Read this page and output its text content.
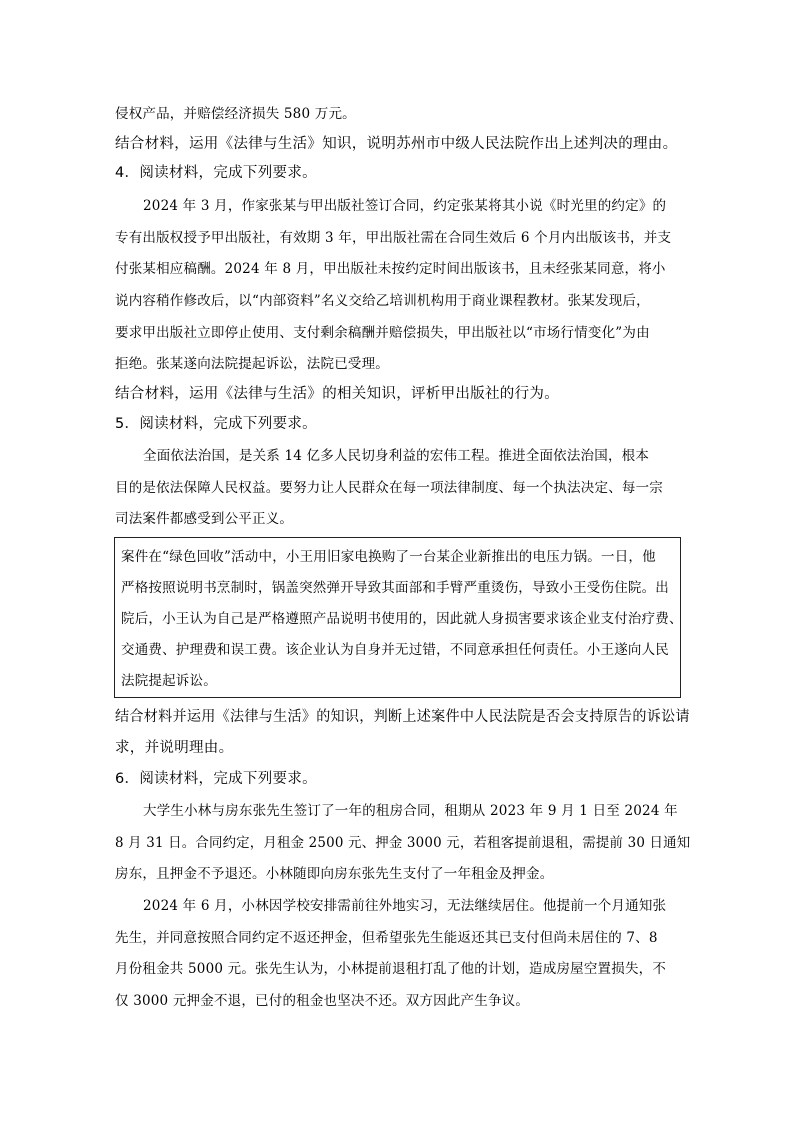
侵权产品，并赔偿经济损失 580 万元。
结合材料，运用《法律与生活》知识，说明苏州市中级人民法院作出上述判决的理由。
4．阅读材料，完成下列要求。
2024 年 3 月，作家张某与甲出版社签订合同，约定张某将其小说《时光里的约定》的
专有出版权授予甲出版社，有效期 3 年，甲出版社需在合同生效后 6 个月内出版该书，并支
付张某相应稿酬。2024 年 8 月，甲出版社未按约定时间出版该书，且未经张某同意，将小
说内容稍作修改后，以“内部资料”名义交给乙培训机构用于商业课程教材。张某发现后，
要求甲出版社立即停止使用、支付剩余稿酬并赔偿损失，甲出版社以“市场行情变化”为由
拒绝。张某遂向法院提起诉讼，法院已受理。
结合材料，运用《法律与生活》的相关知识，评析甲出版社的行为。
5．阅读材料，完成下列要求。
全面依法治国，是关系 14 亿多人民切身利益的宏伟工程。推进全面依法治国，根本
目的是依法保障人民权益。要努力让人民群众在每一项法律制度、每一个执法决定、每一宗
司法案件都感受到公平正义。
案件在“绿色回收”活动中，小王用旧家电换购了一台某企业新推出的电压力锅。一日，他
严格按照说明书烹制时，锅盖突然弹开导致其面部和手臂严重烫伤，导致小王受伤住院。出
院后，小王认为自己是严格遵照产品说明书使用的，因此就人身损害要求该企业支付治疗费、
交通费、护理费和误工费。该企业认为自身并无过错，不同意承担任何责任。小王遂向人民
法院提起诉讼。
结合材料并运用《法律与生活》的知识，判断上述案件中人民法院是否会支持原告的诉讼请
求，并说明理由。
6．阅读材料，完成下列要求。
大学生小林与房东张先生签订了一年的租房合同，租期从 2023 年 9 月 1 日至 2024 年
8 月 31 日。合同约定，月租金 2500 元、押金 3000 元，若租客提前退租，需提前 30 日通知
房东，且押金不予退还。小林随即向房东张先生支付了一年租金及押金。
2024 年 6 月，小林因学校安排需前往外地实习，无法继续居住。他提前一个月通知张
先生，并同意按照合同约定不返还押金，但希望张先生能返还其已支付但尚未居住的 7、8
月份租金共 5000 元。张先生认为，小林提前退租打乱了他的计划，造成房屋空置损失，不
仅 3000 元押金不退，已付的租金也坚决不还。双方因此产生争议。
